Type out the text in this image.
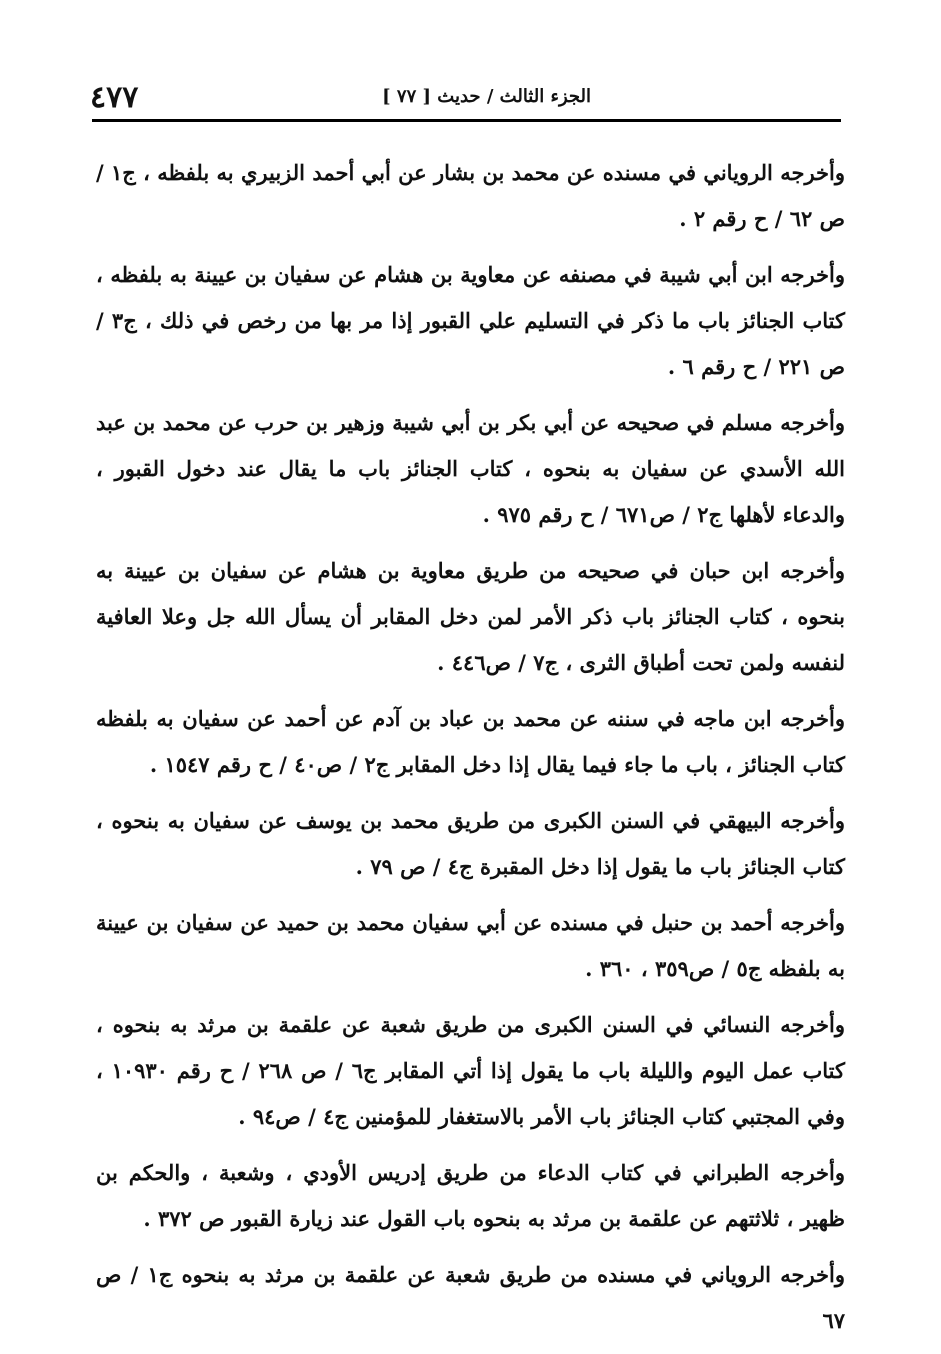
٤٧٧	الجزء الثالث / حديث [ ٧٧ ]

وأخرجه الروياني في مسنده عن محمد بن بشار عن أبي أحمد الزبيري به بلفظه ، ج١ / ص ٦٢ / ح رقم ٢ .

وأخرجه ابن أبي شيبة في مصنفه عن معاوية بن هشام عن سفيان بن عيينة به بلفظه ، كتاب الجنائز باب ما ذكر في التسليم علي القبور إذا مر بها من رخص في ذلك ، ج٣ / ص ٢٢١ / ح رقم ٦ .

وأخرجه مسلم في صحيحه عن أبي بكر بن أبي شيبة وزهير بن حرب عن محمد بن عبد الله الأسدي عن سفيان به بنحوه ، كتاب الجنائز باب ما يقال عند دخول القبور ، والدعاء لأهلها ج٢ / ص٦٧١ / ح رقم ٩٧٥ .

وأخرجه ابن حبان في صحيحه من طريق معاوية بن هشام عن سفيان بن عيينة به بنحوه ، كتاب الجنائز باب ذكر الأمر لمن دخل المقابر أن يسأل الله جل وعلا العافية لنفسه ولمن تحت أطباق الثرى ، ج٧ / ص٤٤٦ .

وأخرجه ابن ماجه في سننه عن محمد بن عباد بن آدم عن أحمد عن سفيان به بلفظه كتاب الجنائز ، باب ما جاء فيما يقال إذا دخل المقابر ج٢ / ص٤٠ / ح رقم ١٥٤٧ .

وأخرجه البيهقي في السنن الكبرى من طريق محمد بن يوسف عن سفيان به بنحوه ، كتاب الجنائز باب ما يقول إذا دخل المقبرة ج٤ / ص ٧٩ .

وأخرجه أحمد بن حنبل في مسنده عن أبي سفيان محمد بن حميد عن سفيان بن عيينة به بلفظه ج٥ / ص٣٥٩ ، ٣٦٠ .

وأخرجه النسائي في السنن الكبرى من طريق شعبة عن علقمة بن مرثد به بنحوه ، كتاب عمل اليوم والليلة باب ما يقول إذا أتي المقابر ج٦ / ص ٢٦٨ / ح رقم ١٠٩٣٠ ، وفي المجتبي كتاب الجنائز باب الأمر بالاستغفار للمؤمنين ج٤ / ص٩٤ .

وأخرجه الطبراني في كتاب الدعاء من طريق إدريس الأودي ، وشعبة ، والحكم بن ظهير ، ثلاثتهم عن علقمة بن مرثد به بنحوه باب القول عند زيارة القبور ص ٣٧٢ .

وأخرجه الروياني في مسنده من طريق شعبة عن علقمة بن مرثد به بنحوه ج١ / ص ٦٧
